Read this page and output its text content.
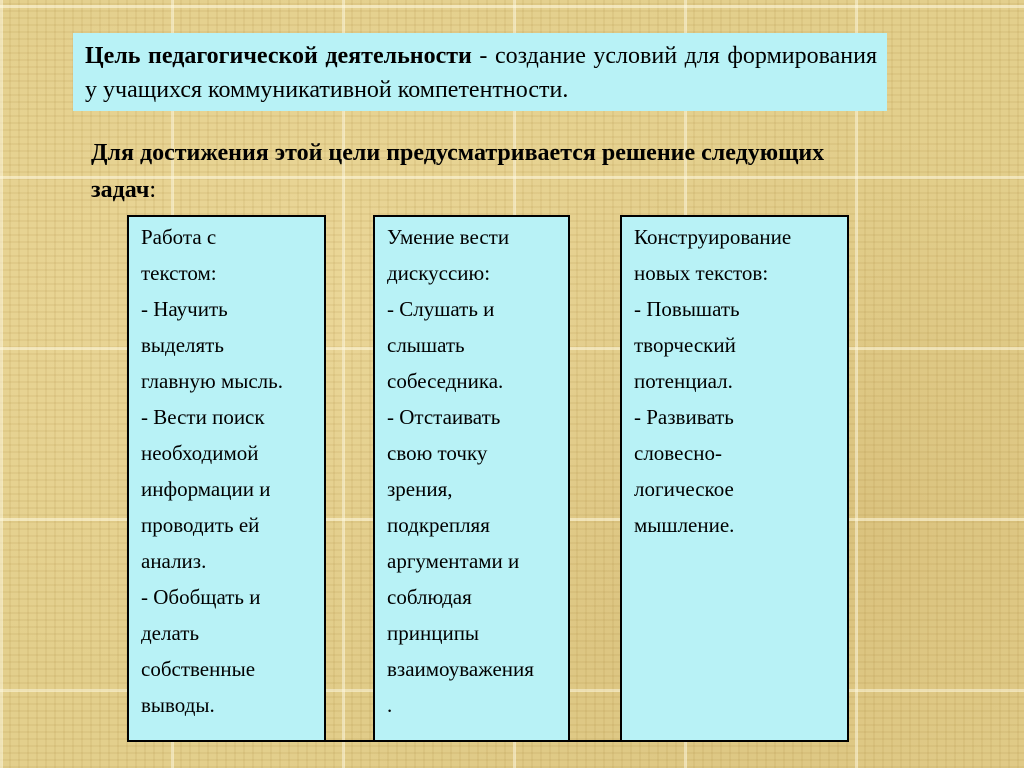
Цель педагогической деятельности - создание условий для формирования у учащихся коммуникативной компетентности.
Для достижения этой цели предусматривается решение следующих задач:
Работа с
текстом:
- Научить
выделять
главную мысль.
- Вести поиск
необходимой
информации и
проводить ей
анализ.
- Обобщать и
делать
собственные
выводы.
Умение вести
дискуссию:
- Слушать и
слышать
собеседника.
- Отстаивать
свою точку
зрения,
подкрепляя
аргументами и
соблюдая
принципы
взаимоуважения
.
Конструирование
новых текстов:
- Повышать
творческий
потенциал.
- Развивать
словесно-
логическое
мышление.
